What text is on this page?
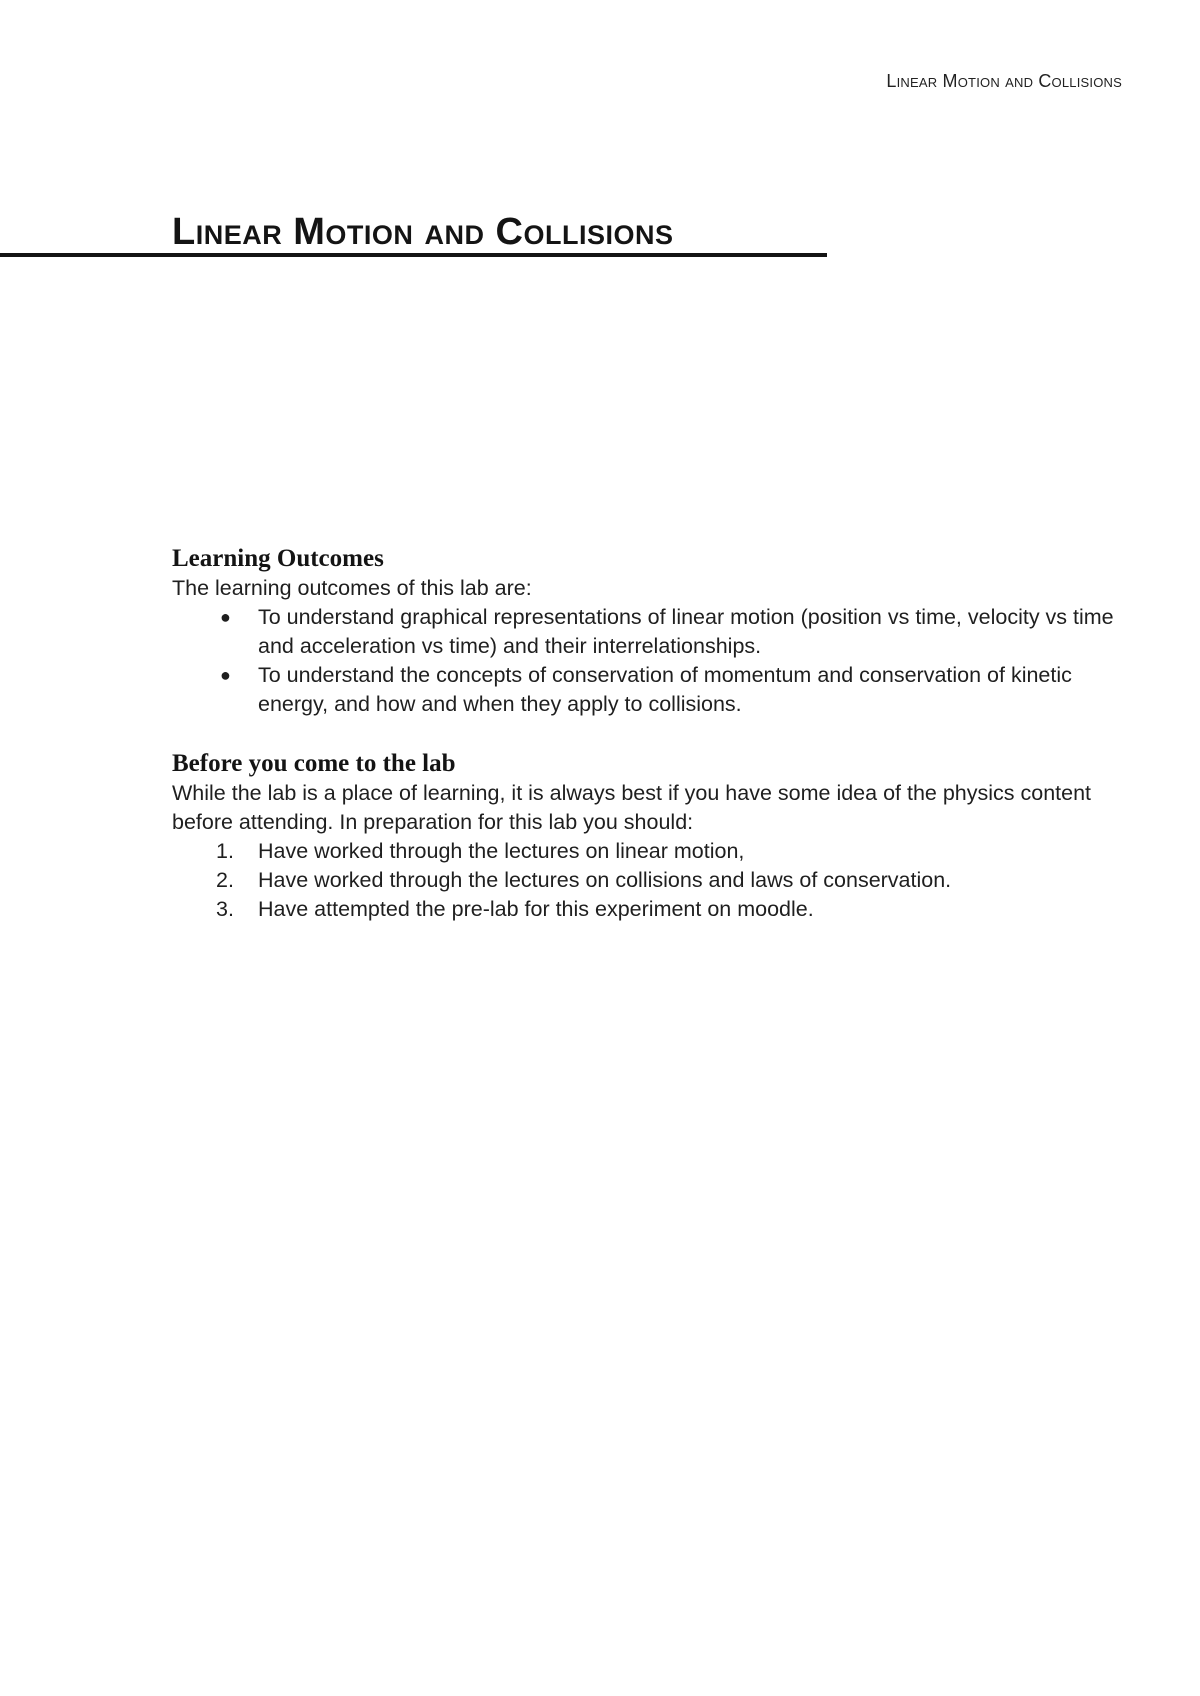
Linear Motion and Collisions
Linear Motion and Collisions
Learning Outcomes

The learning outcomes of this lab are:

●	To understand graphical representations of linear motion (position vs time, velocity vs time and acceleration vs time) and their interrelationships.
●	To understand the concepts of conservation of momentum and conservation of kinetic energy, and how and when they apply to collisions.
Before you come to the lab

While the lab is a place of learning, it is always best if you have some idea of the physics content before attending. In preparation for this lab you should:

1.	Have worked through the lectures on linear motion,
2.	Have worked through the lectures on collisions and laws of conservation.
3.	Have attempted the pre-lab for this experiment on moodle.
